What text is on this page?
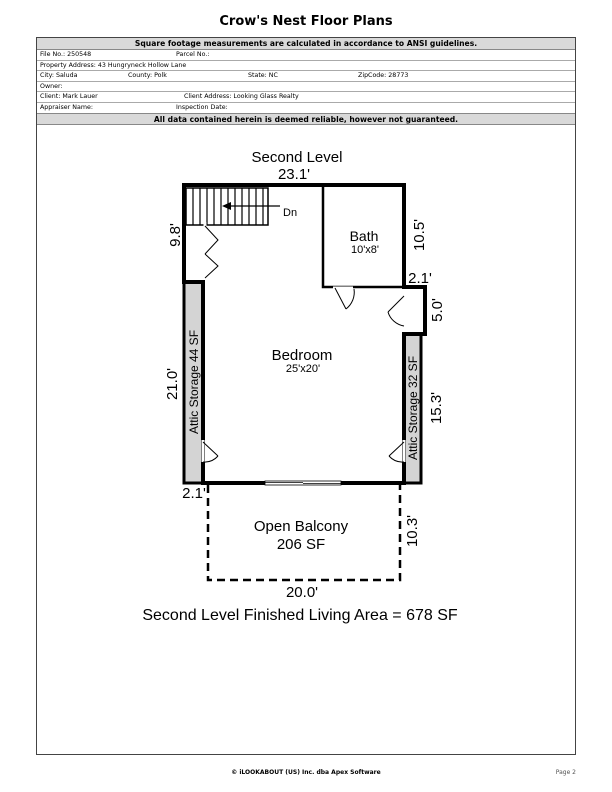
Crow's Nest Floor Plans
Square footage measurements are calculated in accordance to ANSI guidelines.
File No.: 250548	Parcel No.:
Property Address: 43 Hungryneck Hollow Lane
City: Saluda	County: Polk	State: NC	ZipCode: 28773
Owner:
Client: Mark Lauer	Client Address: Looking Glass Realty
Appraiser Name:	Inspection Date:
All data contained herein is deemed reliable, however not guaranteed.
Dn
Second Level
23.1'
Bath
10'x8'
Bedroom
25'x20'
Attic Storage 44 SF	Attic Storage 32 SF
9.8'
21.0'
10.5'
2.1'
5.0'
15.3'
2.1'
Open Balcony
206 SF	10.3'
20.0'
Second Level Finished Living Area = 678 SF
© iLOOKABOUT (US) Inc. dba Apex Software	Page 2
